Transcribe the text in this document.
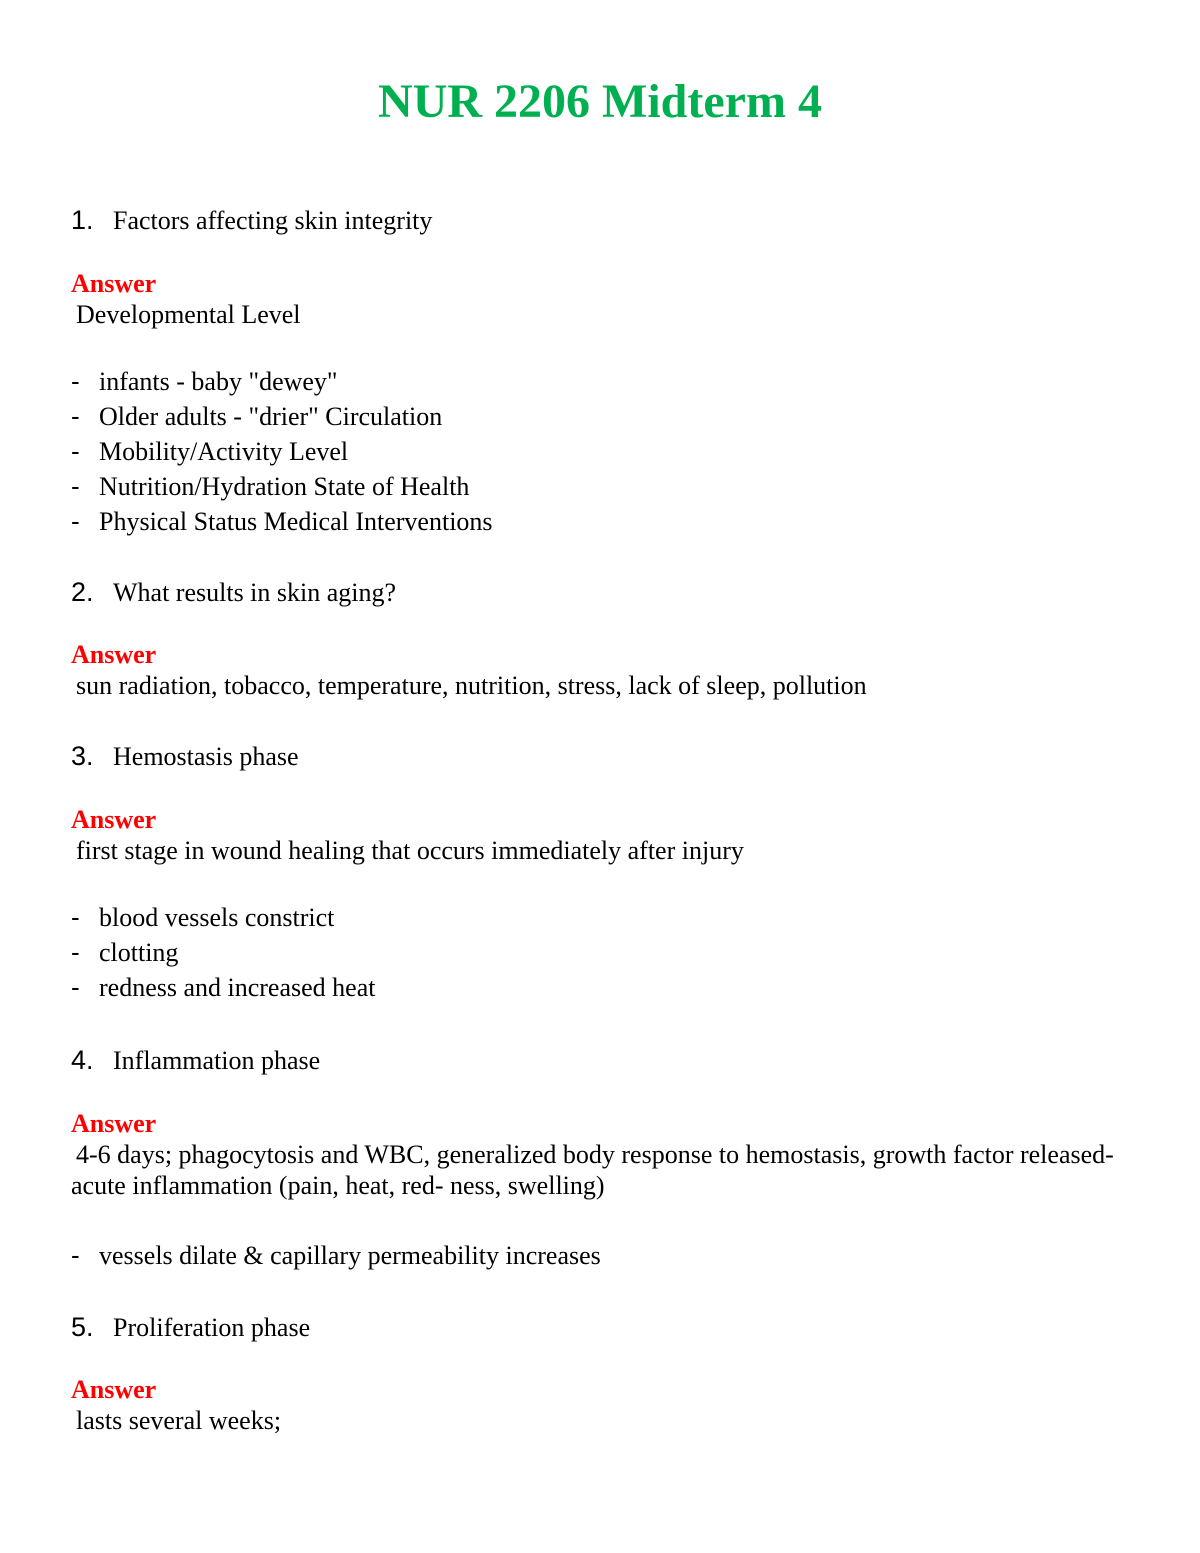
NUR 2206 Midterm 4
1. Factors affecting skin integrity
Answer
Developmental Level
- infants - baby "dewey"
- Older adults - "drier" Circulation
- Mobility/Activity Level
- Nutrition/Hydration State of Health
- Physical Status Medical Interventions
2. What results in skin aging?
Answer
sun radiation, tobacco, temperature, nutrition, stress, lack of sleep, pollution
3. Hemostasis phase
Answer
first stage in wound healing that occurs immediately after injury
- blood vessels constrict
- clotting
- redness and increased heat
4. Inflammation phase
Answer
4-6 days; phagocytosis and WBC, generalized body response to hemostasis, growth factor released-acute inflammation (pain, heat, red- ness, swelling)
- vessels dilate & capillary permeability increases
5. Proliferation phase
Answer
lasts several weeks;
